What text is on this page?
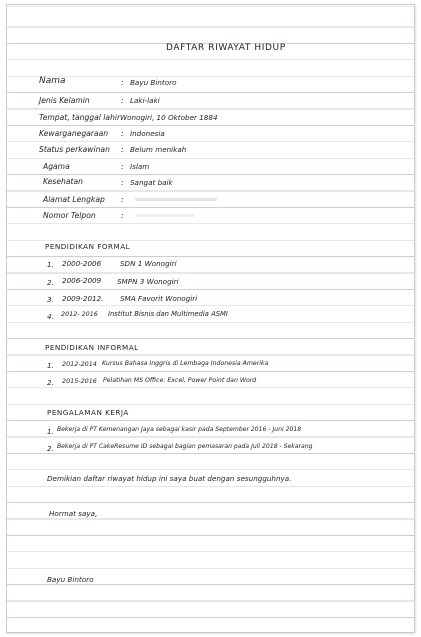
DAFTAR RIWAYAT HIDUP
Nama
Jenis Kelamin
Tempat, tanggal lahir
Kewarganegaraan
Status perkawinan
Agama
Kesehatan
Alamat Lengkap
Nomor Telpon
:
:
:
:
:
:
:
:
Bayu Bintoro
Laki-laki
Wonogiri, 10 Oktober 1884
Indonesia
Belum menikah
Islam
Sangat baik
PENDIDIKAN FORMAL
1. 2000-2006	SDN 1 Wonogiri
2. 2006-2009 SMPN 3 Wonogiri
3. 2009-2012. SMA Favorit Wonogiri
4. 2012- 2016 Institut Bisnis dan Multimedia ASMI
PENDIDIKAN INFORMAL
1. 2012-2014 Kursus Bahasa Inggris di Lembaga Indonesia Amerika
2. 2015-2016 Pelatihan MS Office: Excel, Power Point dan Word
PENGALAMAN KERJA
1. Bekerja di PT Kemenangan Jaya sebagai kasir pada September 2016 - Juni 2018
2. Bekerja di PT CakeResume ID sebagai bagian pemasaran pada Juli 2018 - Sekarang
Demikian daftar riwayat hidup ini saya buat dengan sesungguhnya.
Hormat saya,
Bayu Bintoro
